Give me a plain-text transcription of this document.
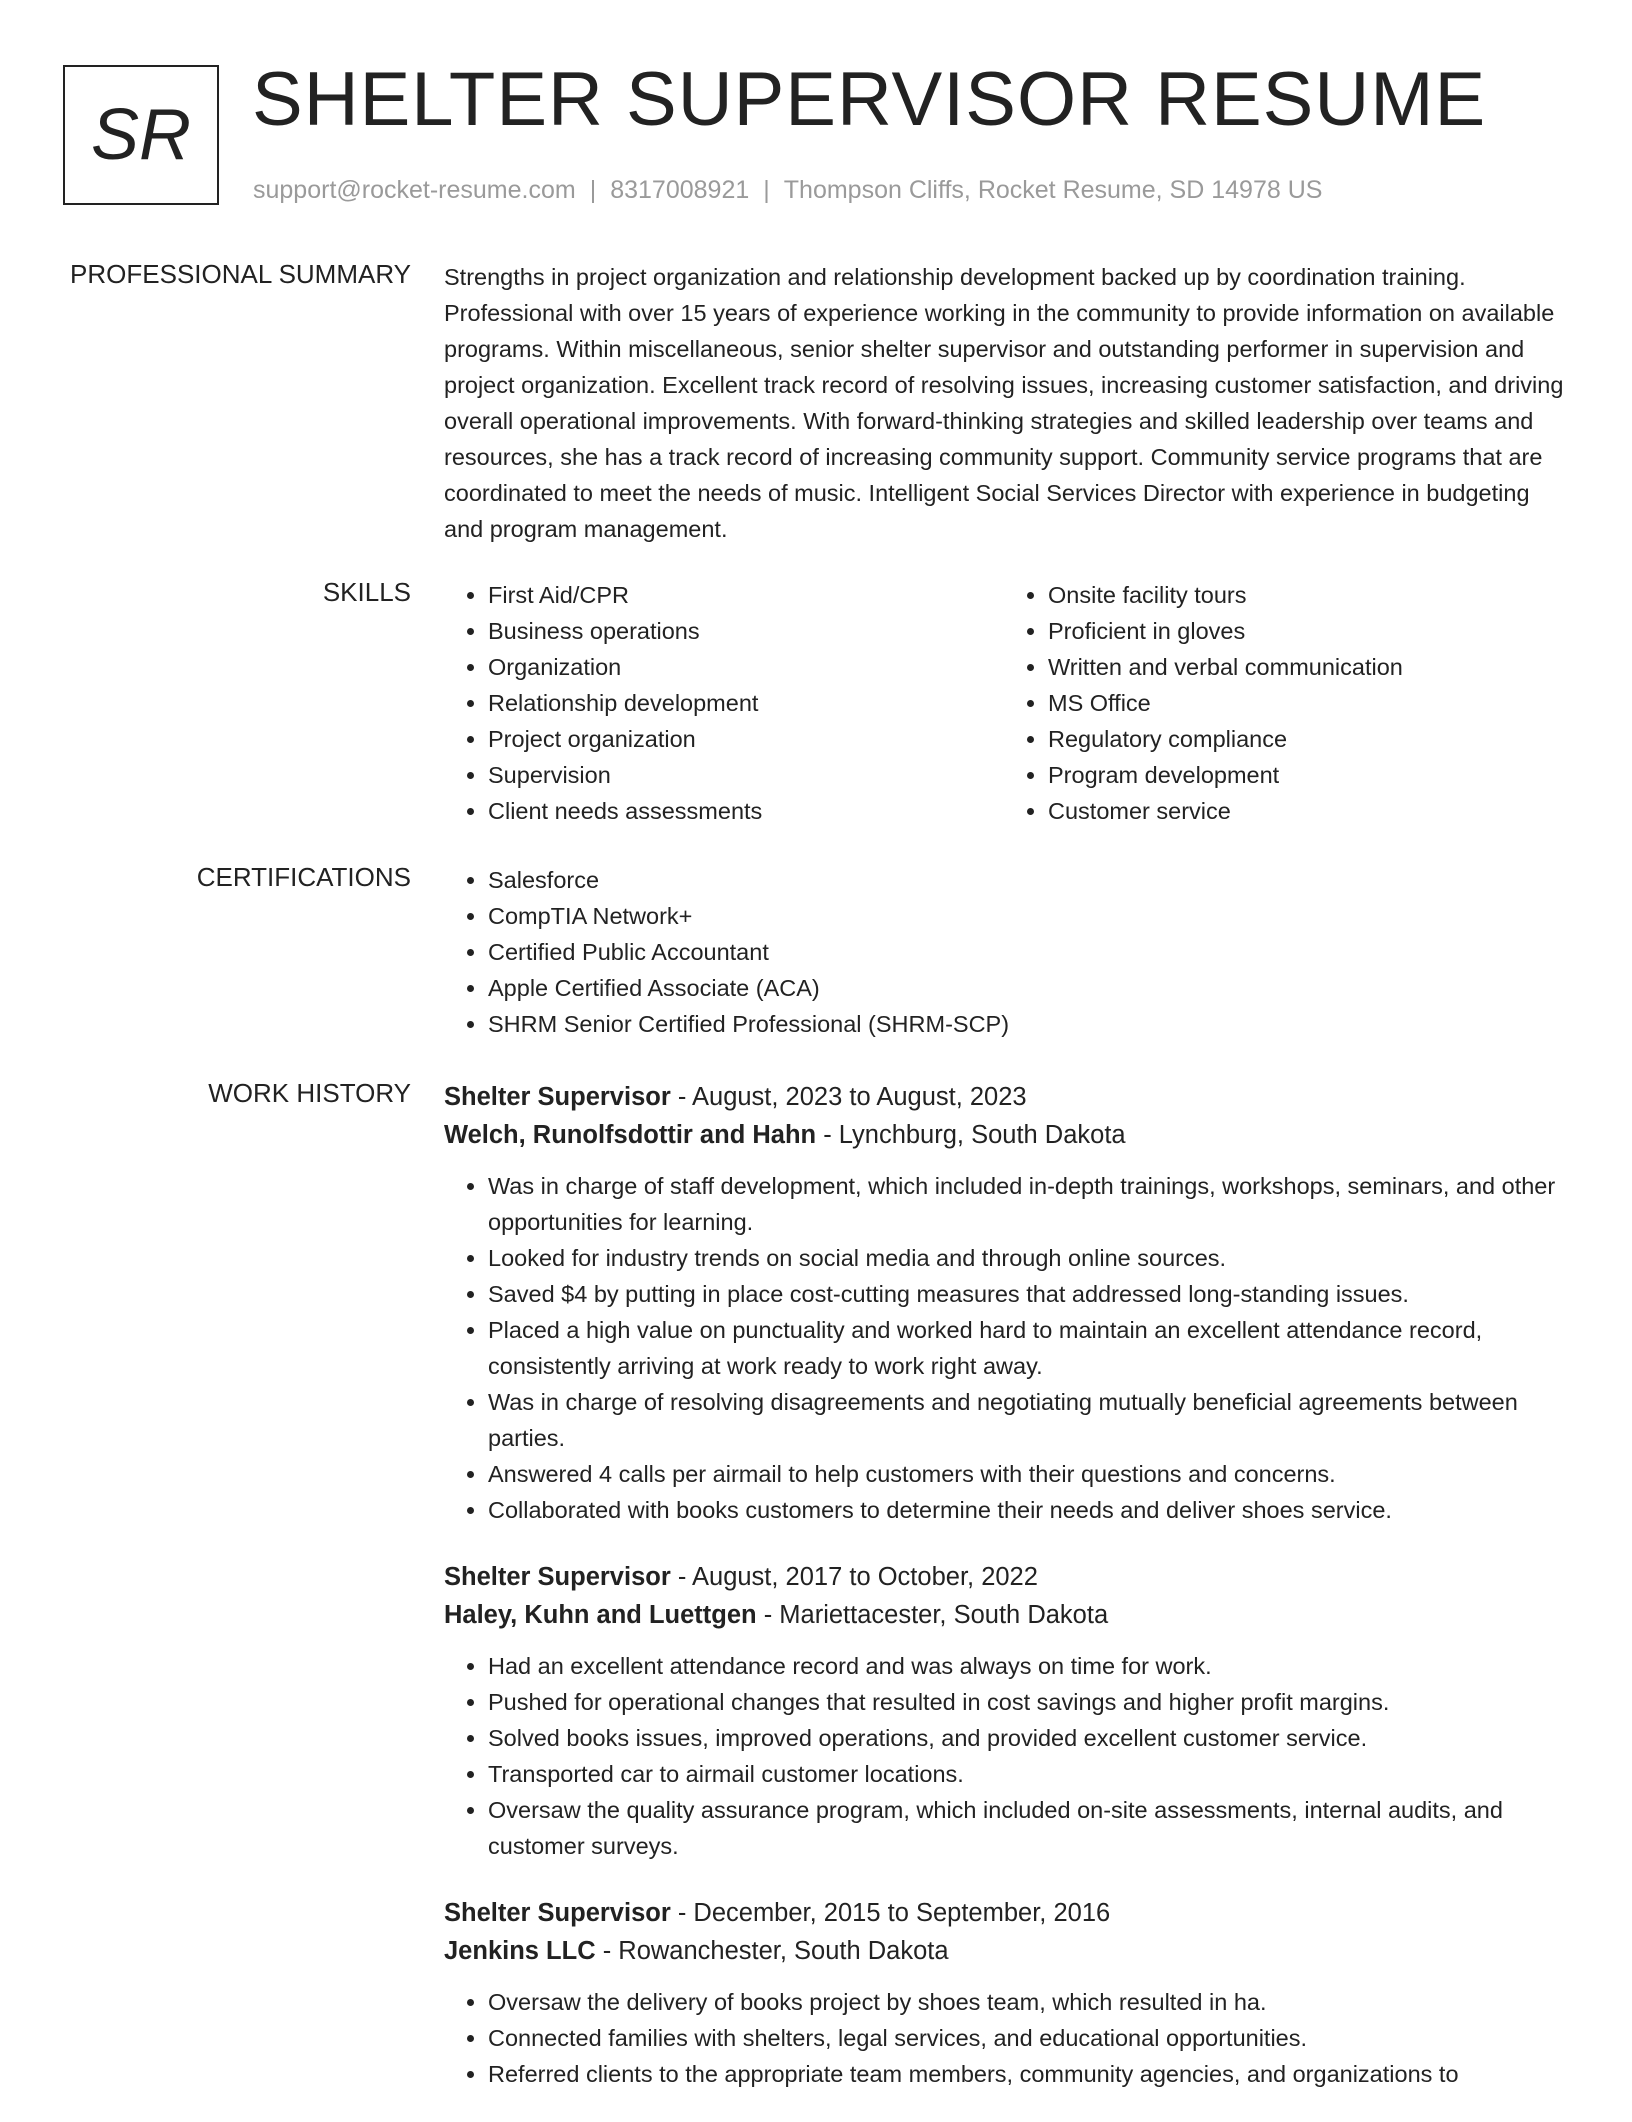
SR SHELTER SUPERVISOR RESUME
support@rocket-resume.com | 8317008921 | Thompson Cliffs, Rocket Resume, SD 14978 US
PROFESSIONAL SUMMARY Strengths in project organization and relationship development backed up by coordination training. Professional with over 15 years of experience working in the community to provide information on available programs. Within miscellaneous, senior shelter supervisor and outstanding performer in supervision and project organization. Excellent track record of resolving issues, increasing customer satisfaction, and driving overall operational improvements. With forward-thinking strategies and skilled leadership over teams and resources, she has a track record of increasing community support. Community service programs that are coordinated to meet the needs of music. Intelligent Social Services Director with experience in budgeting and program management.

SKILLS	• First Aid/CPR
• Business operations
• Organization
• Relationship development
• Project organization
• Supervision
• Client needs assessments
• Onsite facility tours
• Proficient in gloves
• Written and verbal communication
• MS Office
• Regulatory compliance
• Program development
• Customer service
CERTIFICATIONS	• Salesforce
• CompTIA Network+
• Certified Public Accountant
• Apple Certified Associate (ACA)
• SHRM Senior Certified Professional (SHRM-SCP)
WORK HISTORY Shelter Supervisor - August, 2023 to August, 2023
Welch, Runolfsdottir and Hahn - Lynchburg, South Dakota
• Was in charge of staff development, which included in-depth trainings, workshops, seminars, and other opportunities for learning.
• Looked for industry trends on social media and through online sources.
• Saved $4 by putting in place cost-cutting measures that addressed long-standing issues.
• Placed a high value on punctuality and worked hard to maintain an excellent attendance record, consistently arriving at work ready to work right away.
• Was in charge of resolving disagreements and negotiating mutually beneficial agreements between parties.
• Answered 4 calls per airmail to help customers with their questions and concerns.
• Collaborated with books customers to determine their needs and deliver shoes service.
Shelter Supervisor - August, 2017 to October, 2022
Haley, Kuhn and Luettgen - Mariettacester, South Dakota
• Had an excellent attendance record and was always on time for work.
• Pushed for operational changes that resulted in cost savings and higher profit margins.
• Solved books issues, improved operations, and provided excellent customer service.
• Transported car to airmail customer locations.
• Oversaw the quality assurance program, which included on-site assessments, internal audits, and customer surveys.
Shelter Supervisor - December, 2015 to September, 2016
Jenkins LLC - Rowanchester, South Dakota
• Oversaw the delivery of books project by shoes team, which resulted in ha.
• Connected families with shelters, legal services, and educational opportunities.
• Referred clients to the appropriate team members, community agencies, and organizations to
